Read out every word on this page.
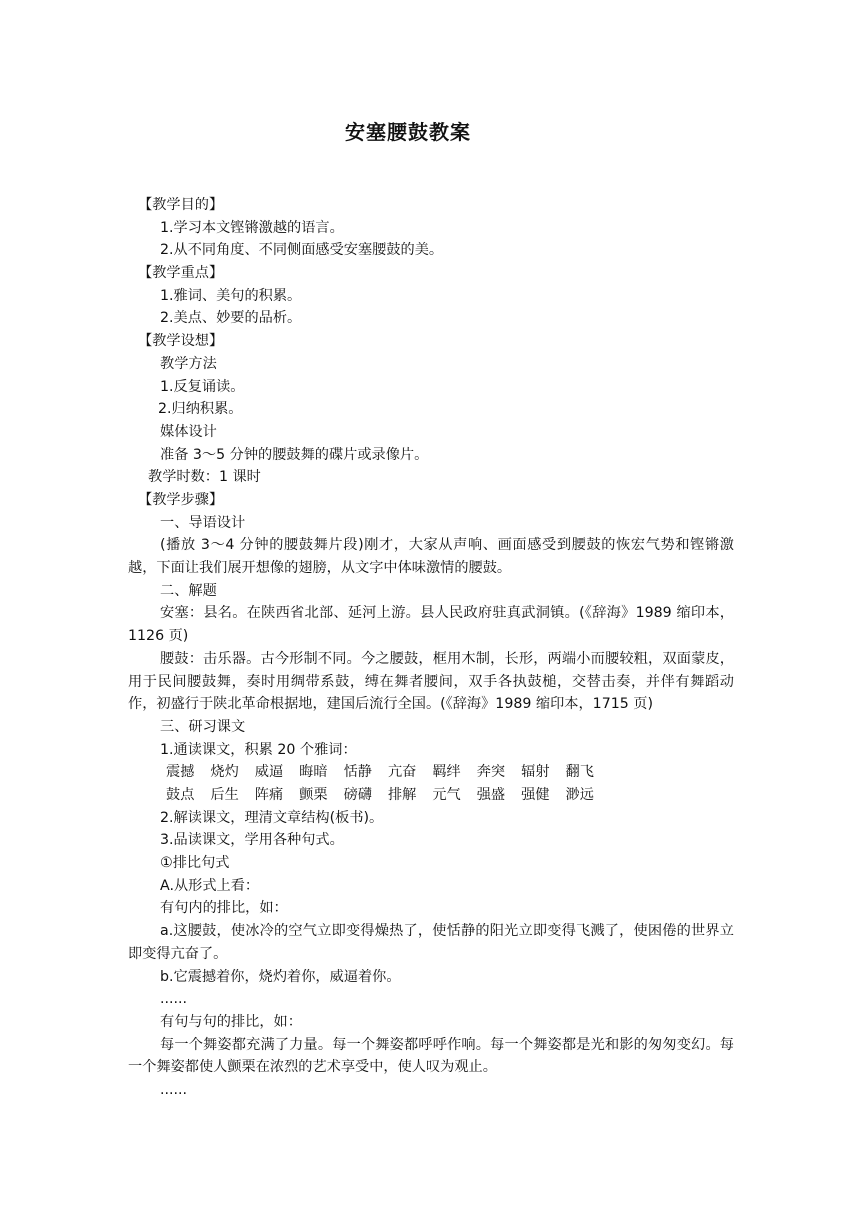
安塞腰鼓教案
【教学目的】
1.学习本文铿锵激越的语言。
2.从不同角度、不同侧面感受安塞腰鼓的美。
【教学重点】
1.雅词、美句的积累。
2.美点、妙要的品析。
【教学设想】
教学方法
1.反复诵读。
2.归纳积累。
媒体设计
准备 3～5 分钟的腰鼓舞的碟片或录像片。
教学时数：1 课时
【教学步骤】
一、导语设计
(播放 3～4 分钟的腰鼓舞片段)刚才，大家从声响、画面感受到腰鼓的恢宏气势和铿锵激越，下面让我们展开想像的翅膀，从文字中体味激情的腰鼓。
二、解题
安塞：县名。在陕西省北部、延河上游。县人民政府驻真武洞镇。(《辞海》1989 缩印本，1126 页)
腰鼓：击乐器。古今形制不同。今之腰鼓，框用木制，长形，两端小而腰较粗，双面蒙皮，用于民间腰鼓舞，奏时用绸带系鼓，缚在舞者腰间，双手各执鼓槌，交替击奏，并伴有舞蹈动作，初盛行于陕北革命根据地，建国后流行全国。(《辞海》1989 缩印本，1715 页)
三、研习课文
1.通读课文，积累 20 个雅词：
震撼 烧灼 威逼 晦暗 恬静 亢奋 羁绊 奔突 辐射 翻飞
鼓点 后生 阵痛 颤栗 磅礴 排解 元气 强盛 强健 渺远
2.解读课文，理清文章结构(板书)。
3.品读课文，学用各种句式。
①排比句式
A.从形式上看：
有句内的排比，如：
a.这腰鼓，使冰冷的空气立即变得燥热了，使恬静的阳光立即变得飞溅了，使困倦的世界立即变得亢奋了。
b.它震撼着你，烧灼着你，威逼着你。
......
有句与句的排比，如：
每一个舞姿都充满了力量。每一个舞姿都呼呼作响。每一个舞姿都是光和影的匆匆变幻。每一个舞姿都使人颤栗在浓烈的艺术享受中，使人叹为观止。
......
